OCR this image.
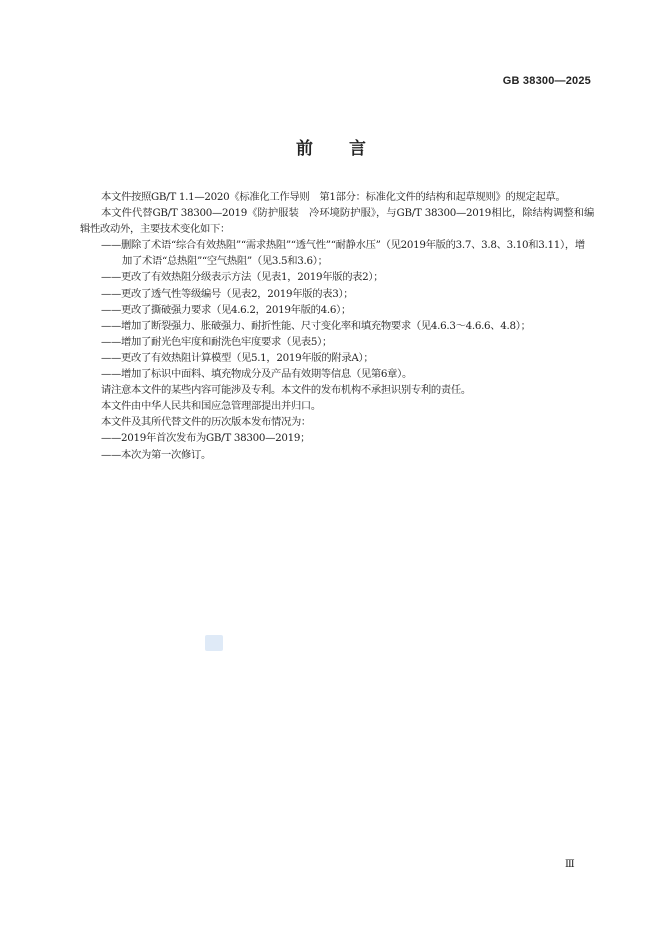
GB 38300—2025
前言

本文件按照GB/T 1.1—2020《标准化工作导则　第1部分：标准化文件的结构和起草规则》的规定起草。

本文件代替GB/T 38300—2019《防护服装　冷环境防护服》，与GB/T 38300—2019相比，除结构调整和编辑性改动外，主要技术变化如下：

——删除了术语“综合有效热阻”“需求热阻”“透气性”“耐静水压”（见2019年版的3.7、3.8、3.10和3.11），增加了术语“总热阻”“空气热阻”（见3.5和3.6）；

——更改了有效热阻分级表示方法（见表1，2019年版的表2）；

——更改了透气性等级编号（见表2，2019年版的表3）；

——更改了撕破强力要求（见4.6.2，2019年版的4.6）；

——增加了断裂强力、胀破强力、耐折性能、尺寸变化率和填充物要求（见4.6.3～4.6.6、4.8）；

——增加了耐光色牢度和耐洗色牢度要求（见表5）；

——更改了有效热阻计算模型（见5.1，2019年版的附录A）；

——增加了标识中面料、填充物成分及产品有效期等信息（见第6章）。

请注意本文件的某些内容可能涉及专利。本文件的发布机构不承担识别专利的责任。

本文件由中华人民共和国应急管理部提出并归口。

本文件及其所代替文件的历次版本发布情况为：

——2019年首次发布为GB/T 38300—2019；

——本次为第一次修订。

Ⅲ
